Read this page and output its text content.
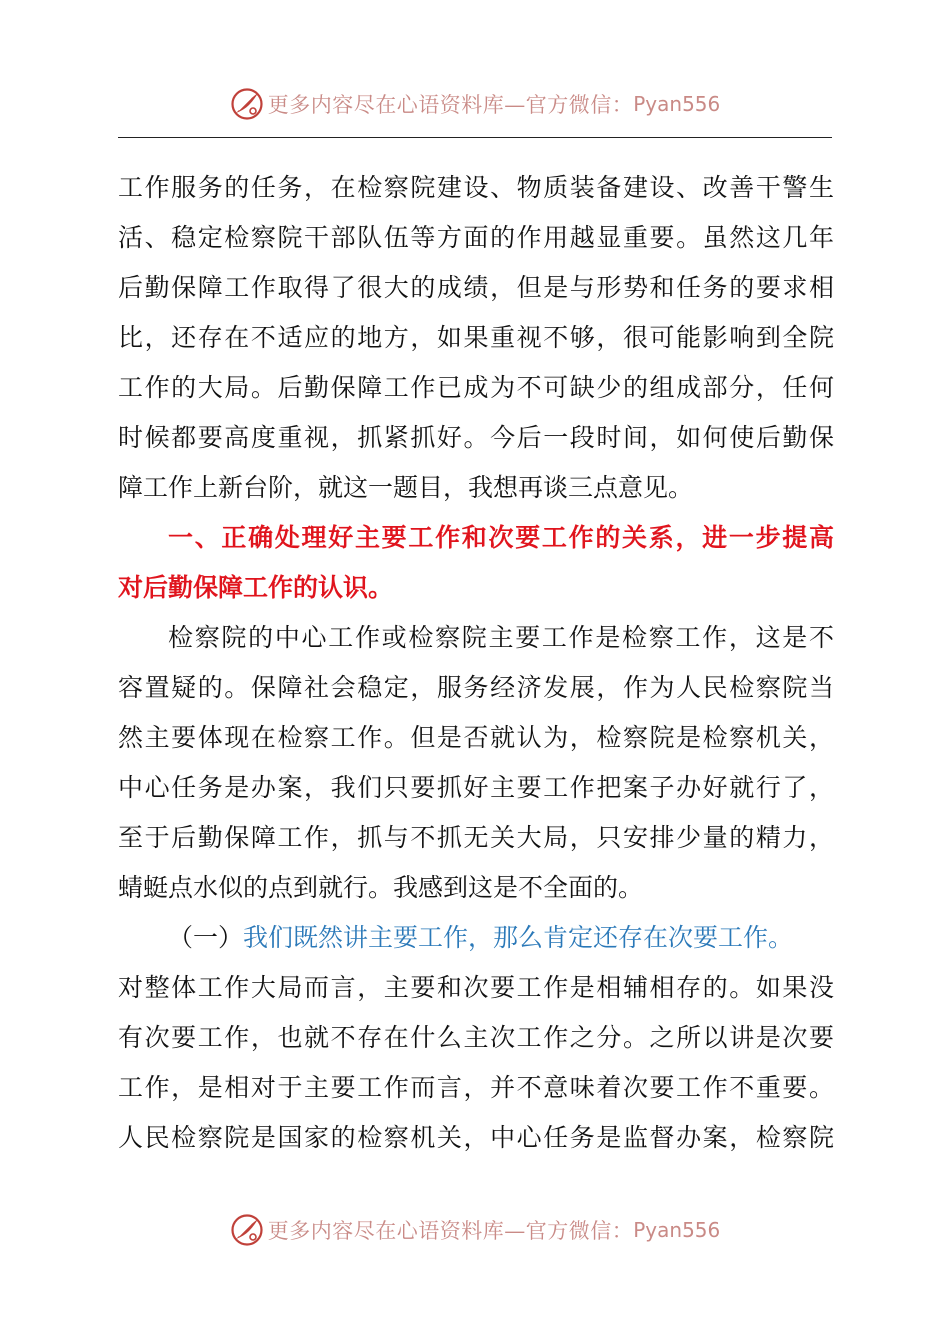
更多内容尽在心语资料库—官方微信： Pyan556
工作服务的任务，在检察院建设、物质装备建设、改善干警生
活、稳定检察院干部队伍等方面的作用越显重要。虽然这几年
后勤保障工作取得了很大的成绩，但是与形势和任务的要求相
比，还存在不适应的地方，如果重视不够，很可能影响到全院
工作的大局。后勤保障工作已成为不可缺少的组成部分，任何
时候都要高度重视，抓紧抓好。今后一段时间，如何使后勤保
障工作上新台阶，就这一题目，我想再谈三点意见。
一、正确处理好主要工作和次要工作的关系，进一步提高
对后勤保障工作的认识。
检察院的中心工作或检察院主要工作是检察工作，这是不
容置疑的。保障社会稳定，服务经济发展，作为人民检察院当
然主要体现在检察工作。但是否就认为，检察院是检察机关，
中心任务是办案，我们只要抓好主要工作把案子办好就行了，
至于后勤保障工作，抓与不抓无关大局，只安排少量的精力，
蜻蜓点水似的点到就行。我感到这是不全面的。
（一）我们既然讲主要工作，那么肯定还存在次要工作。
对整体工作大局而言，主要和次要工作是相辅相存的。如果没
有次要工作，也就不存在什么主次工作之分。之所以讲是次要
工作，是相对于主要工作而言，并不意味着次要工作不重要。
人民检察院是国家的检察机关，中心任务是监督办案，检察院
更多内容尽在心语资料库—官方微信： Pyan556
